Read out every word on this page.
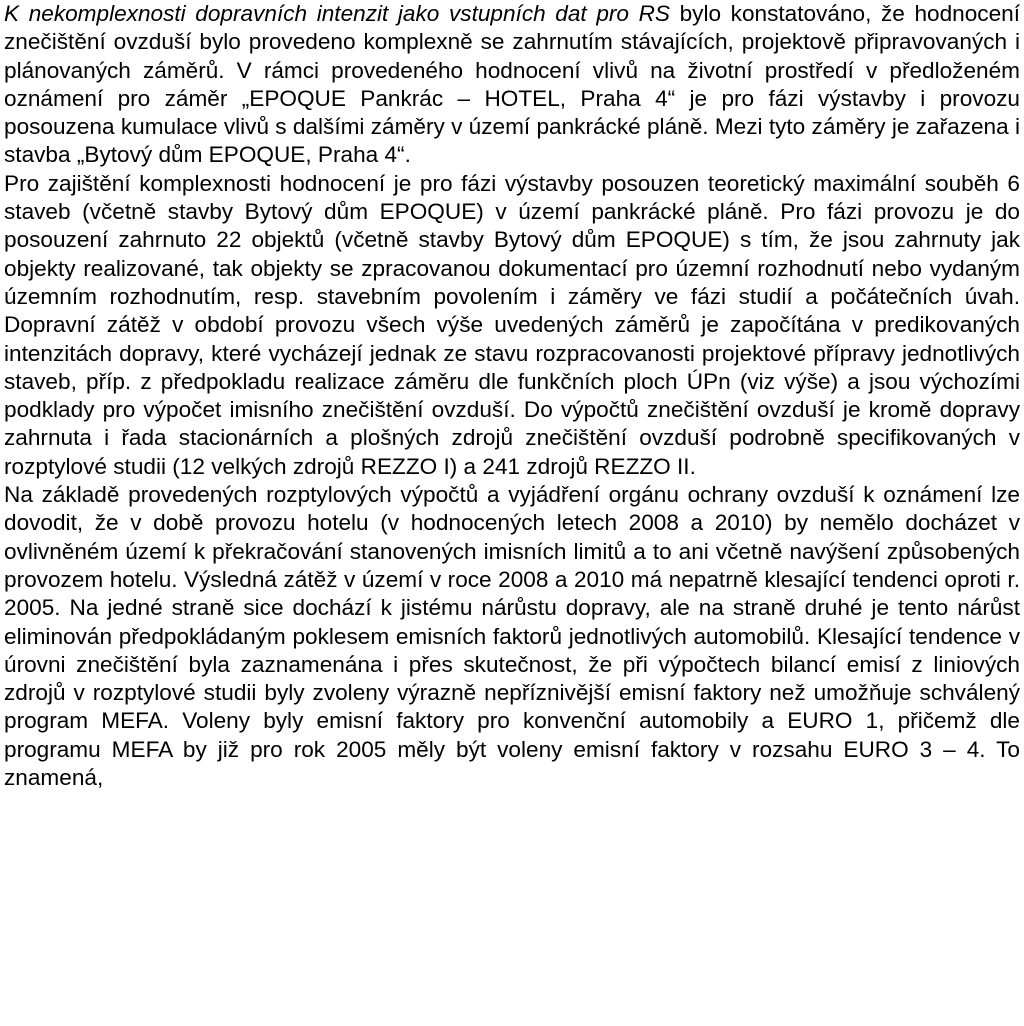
K nekomplexnosti dopravních intenzit jako vstupních dat pro RS bylo konstatováno, že hodnocení znečištění ovzduší bylo provedeno komplexně se zahrnutím stávajících, projektově připravovaných i plánovaných záměrů. V rámci provedeného hodnocení vlivů na životní prostředí v předloženém oznámení pro záměr „EPOQUE Pankrác – HOTEL, Praha 4“ je pro fázi výstavby i provozu posouzena kumulace vlivů s dalšími záměry v území pankrácké pláně. Mezi tyto záměry je zařazena i stavba „Bytový dům EPOQUE, Praha 4“.

Pro zajištění komplexnosti hodnocení je pro fázi výstavby posouzen teoretický maximální souběh 6 staveb (včetně stavby Bytový dům EPOQUE) v území pankrácké pláně. Pro fázi provozu je do posouzení zahrnuto 22 objektů (včetně stavby Bytový dům EPOQUE) s tím, že jsou zahrnuty jak objekty realizované, tak objekty se zpracovanou dokumentací pro územní rozhodnutí nebo vydaným územním rozhodnutím, resp. stavebním povolením i záměry ve fázi studií a počátečních úvah. Dopravní zátěž v období provozu všech výše uvedených záměrů je započítána v predikovaných intenzitách dopravy, které vycházejí jednak ze stavu rozpracovanosti projektové přípravy jednotlivých staveb, příp. z předpokladu realizace záměru dle funkčních ploch ÚPn (viz výše) a jsou výchozími podklady pro výpočet imisního znečištění ovzduší. Do výpočtů znečištění ovzduší je kromě dopravy zahrnuta i řada stacionárních a plošných zdrojů znečištění ovzduší podrobně specifikovaných v rozptylové studii (12 velkých zdrojů REZZO I) a 241 zdrojů REZZO II.

Na základě provedených rozptylových výpočtů a vyjádření orgánu ochrany ovzduší k oznámení lze dovodit, že v době provozu hotelu (v hodnocených letech 2008 a 2010) by nemělo docházet v ovlivněném území k překračování stanovených imisních limitů a to ani včetně navýšení způsobených provozem hotelu. Výsledná zátěž v území v roce 2008 a 2010 má nepatrně klesající tendenci oproti r. 2005. Na jedné straně sice dochází k jistému nárůstu dopravy, ale na straně druhé je tento nárůst eliminován předpokládaným poklesem emisních faktorů jednotlivých automobilů. Klesající tendence v úrovni znečištění byla zaznamenána i přes skutečnost, že při výpočtech bilancí emisí z liniových zdrojů v rozptylové studii byly zvoleny výrazně nepříznivější emisní faktory než umožňuje schválený program MEFA. Voleny byly emisní faktory pro konvenční automobily a EURO 1, přičemž dle programu MEFA by již pro rok 2005 měly být voleny emisní faktory v rozsahu EURO 3 – 4. To znamená,
